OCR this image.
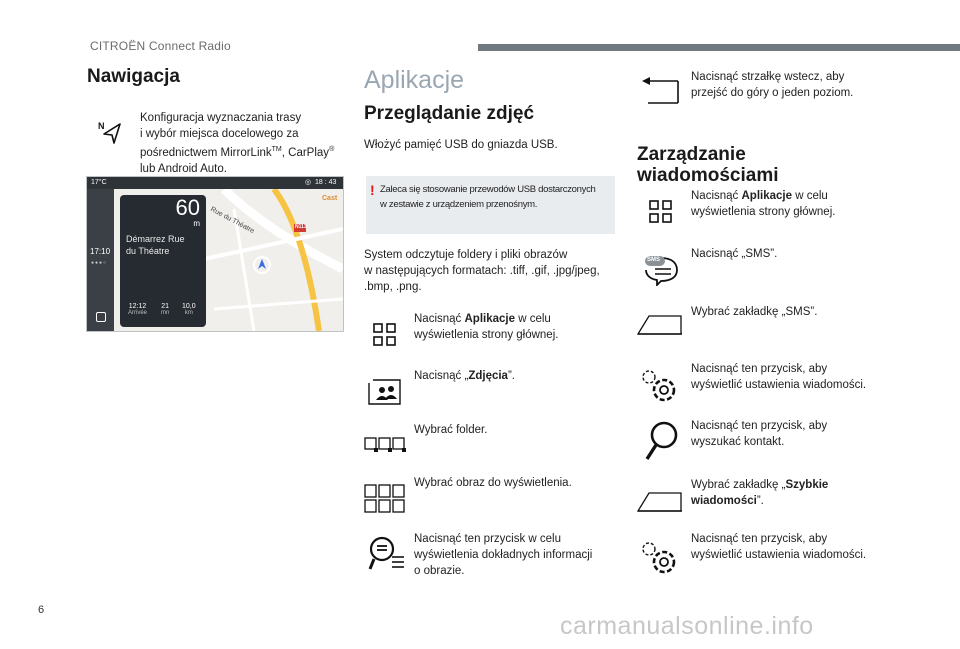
CITROËN Connect Radio
Nawigacja
N
Konfiguracja wyznaczania trasy
i wybór miejsca docelowego za
pośrednictwem MirrorLink™, CarPlay®
lub Android Auto.
17°C	◎ 18 : 43
17:10
●●●○
Rue du Théatre	N113
Cast
60
m
Démarrez Rue
du Théatre
12:12
Arrivée
21
mn
10,0
km
Aplikacje
Przeglądanie zdjęć
Włożyć pamięć USB do gniazda USB.
! Zaleca się stosowanie przewodów USB dostarczonych
w zestawie z urządzeniem przenośnym.
System odczytuje foldery i pliki obrazów
w następujących formatach: .tiff, .gif, .jpg/jpeg,
.bmp, .png.
Nacisnąć Aplikacje w celu
wyświetlenia strony głównej.
Nacisnąć „Zdjęcia”.
Wybrać folder.
Wybrać obraz do wyświetlenia.
Nacisnąć ten przycisk w celu
wyświetlenia dokładnych informacji
o obrazie.
Nacisnąć strzałkę wstecz, aby
przejść do góry o jeden poziom.
Zarządzanie
wiadomościami
Nacisnąć Aplikacje w celu
wyświetlenia strony głównej.
SMS	Nacisnąć „SMS”.
Wybrać zakładkę „SMS”.
Nacisnąć ten przycisk, aby
wyświetlić ustawienia wiadomości.
Nacisnąć ten przycisk, aby
wyszukać kontakt.
Wybrać zakładkę „Szybkie
wiadomości”.
Nacisnąć ten przycisk, aby
wyświetlić ustawienia wiadomości.
6
carmanualsonline.info
